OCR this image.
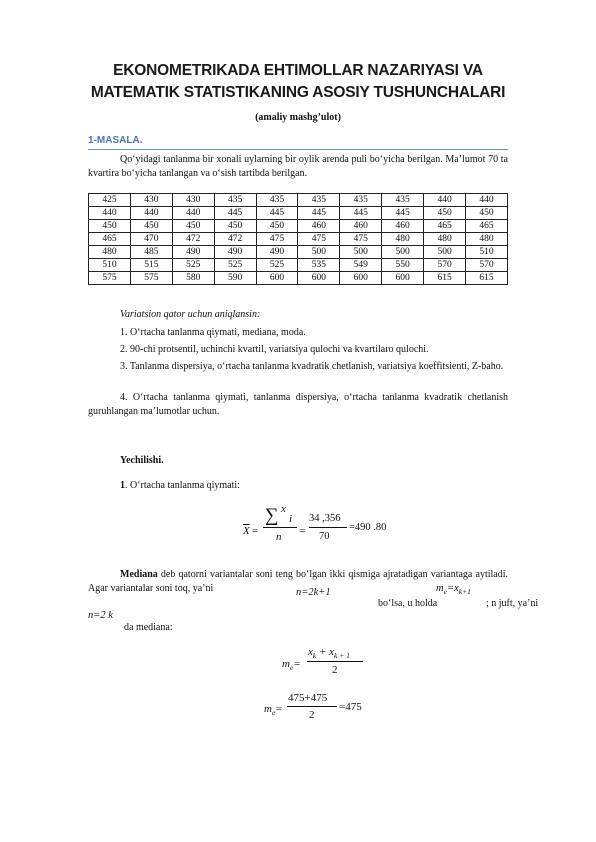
EKONOMETRIKADA EHTIMOLLAR NAZARIYASI VA
MATEMATIK STATISTIKANING ASOSIY TUSHUNCHALARI
(amaliy mashg’ulot)
1-MASALA.
Qo‘yidagi tanlanma bir xonali uylarning bir oylik arenda puli bo‘yicha berilgan. Ma’lumot 70 ta kvartira bo‘yicha tanlangan va o‘sish tartibda berilgan.
425	430	430	435	435	435	435	435	440	440
440	440	440	445	445	445	445	445	450	450
450	450	450	450	450	460	460	460	465	465
465	470	472	472	475	475	475	480	480	480
480	485	490	490	490	500	500	500	500	510
510	515	525	525	525	535	549	550	570	570
575	575	580	590	600	600	600	600	615	615
Variatsion qator uchun aniqlansin:
1. O‘rtacha tanlanma qiymati, mediana, moda.
2. 90-chi protsentil, uchinchi kvartil, variatsiya qulochi va kvartilaro qulochi.
3. Tanlanma dispersiya, o‘rtacha tanlanma kvadratik chetlanish, variatsiya koeffitsienti, Z-baho.
4. O‘rtacha tanlanma qiymati, tanlanma dispersiya, o‘rtacha tanlanma kvadratik chetlanish guruhlangan ma’lumotlar uchun.
Yechilishi.
1. O‘rtacha tanlanma qiymati:
$\overline{X}$ =
∑ x
i
n =
34 ,356
70
=490 .80
Mediana deb qatorni variantalar soni teng bo‘lgan ikki qismiga ajratadigan variantaga aytiladi. Agar variantalar soni toq, ya’ni	n=2k+1
bo‘lsa, u holda
$m_e=x_{k+1}$
; n juft, ya’ni
n=2 k
da mediana:
$m_e=$
$x_k + x_{k + 1}$
2
$m_e=$
475+475
2
=475
